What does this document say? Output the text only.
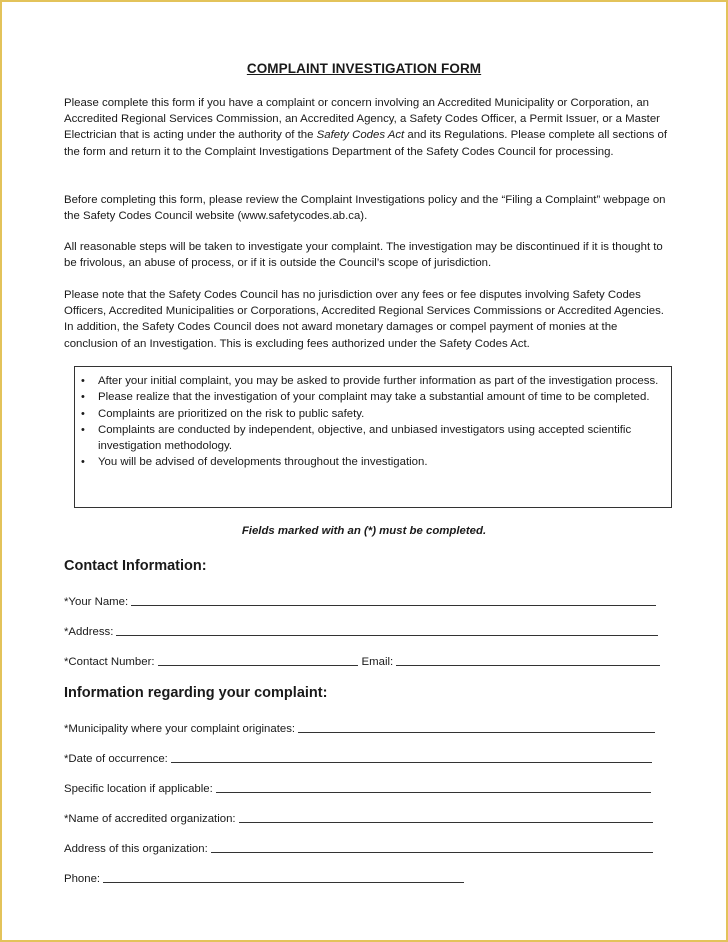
COMPLAINT INVESTIGATION FORM

Please complete this form if you have a complaint or concern involving an Accredited Municipality or Corporation, an Accredited Regional Services Commission, an Accredited Agency, a Safety Codes Officer, a Permit Issuer, or a Master Electrician that is acting under the authority of the Safety Codes Act and its Regulations. Please complete all sections of the form and return it to the Complaint Investigations Department of the Safety Codes Council for processing.

Before completing this form, please review the Complaint Investigations policy and the “Filing a Complaint” webpage on the Safety Codes Council website (www.safetycodes.ab.ca).

All reasonable steps will be taken to investigate your complaint. The investigation may be discontinued if it is thought to be frivolous, an abuse of process, or if it is outside the Council’s scope of jurisdiction.

Please note that the Safety Codes Council has no jurisdiction over any fees or fee disputes involving Safety Codes Officers, Accredited Municipalities or Corporations, Accredited Regional Services Commissions or Accredited Agencies. In addition, the Safety Codes Council does not award monetary damages or compel payment of monies at the conclusion of an Investigation. This is excluding fees authorized under the Safety Codes Act.

• After your initial complaint, you may be asked to provide further information as part of the investigation process.
• Please realize that the investigation of your complaint may take a substantial amount of time to be completed.
• Complaints are prioritized on the risk to public safety.
• Complaints are conducted by independent, objective, and unbiased investigators using accepted scientific investigation methodology.
• You will be advised of developments throughout the investigation.
Fields marked with an (*) must be completed.
Contact Information:
*Your Name:
*Address:
*Contact Number:	Email:
Information regarding your complaint:
*Municipality where your complaint originates:
*Date of occurrence:
Specific location if applicable:
*Name of accredited organization:
Address of this organization:
Phone:
